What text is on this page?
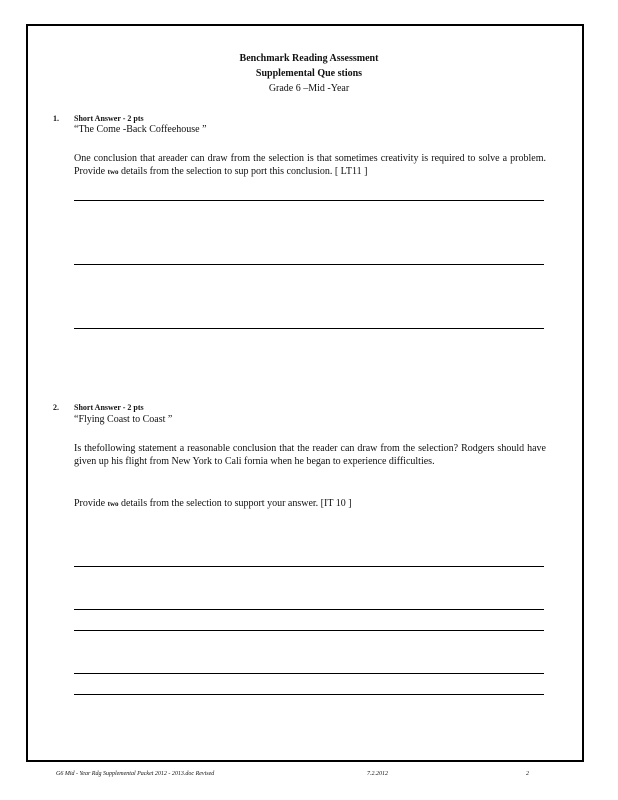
Benchmark Reading Assessment
Supplemental Que stions
Grade 6 –Mid -Year
1. Short Answer - 2 pts
“The Come -Back Coffeehouse ”
One conclusion that areader can draw from the selection is that sometimes creativity is required to solve a problem. Provide two details from the selection to sup port this conclusion. [ LT11 ]
2. Short Answer - 2 pts
“Flying Coast to Coast ”
Is thefollowing statement a reasonable conclusion that the reader can draw from the selection? Rodgers should have given up his flight from New York to Cali fornia when he began to experience difficulties.
Provide two details from the selection to support your answer. [IT 10 ]
G6 Mid - Year Rdg Supplemental Packet 2012 - 2013.doc Revised	7.2.2012	2
